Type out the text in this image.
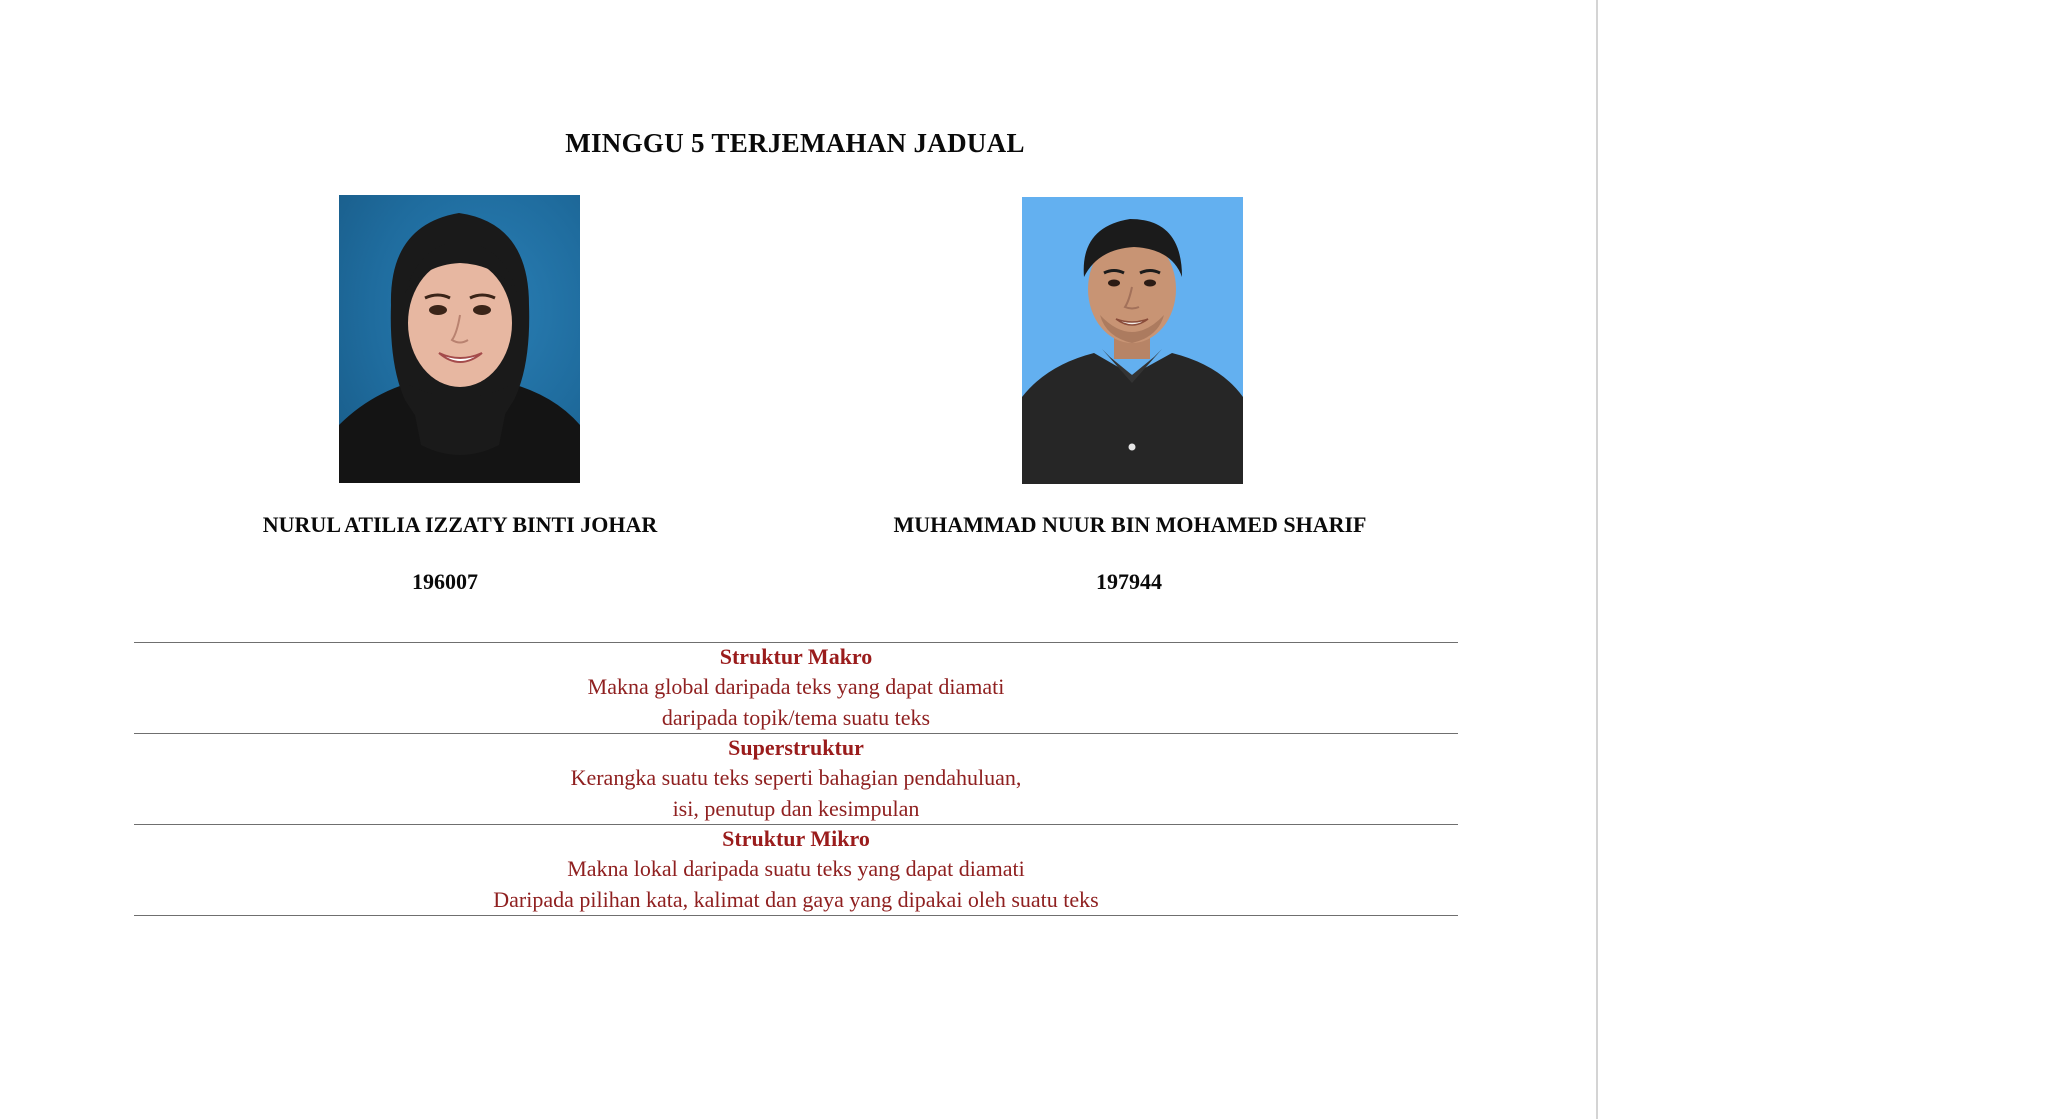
MINGGU 5 TERJEMAHAN JADUAL
NURUL ATILIA IZZATY BINTI JOHAR	MUHAMMAD NUUR BIN MOHAMED SHARIF
196007	197944
Struktur Makro
Makna global daripada teks yang dapat diamati
daripada topik/tema suatu teks
Superstruktur
Kerangka suatu teks seperti bahagian pendahuluan,
isi, penutup dan kesimpulan
Struktur Mikro
Makna lokal daripada suatu teks yang dapat diamati
Daripada pilihan kata, kalimat dan gaya yang dipakai oleh suatu teks
